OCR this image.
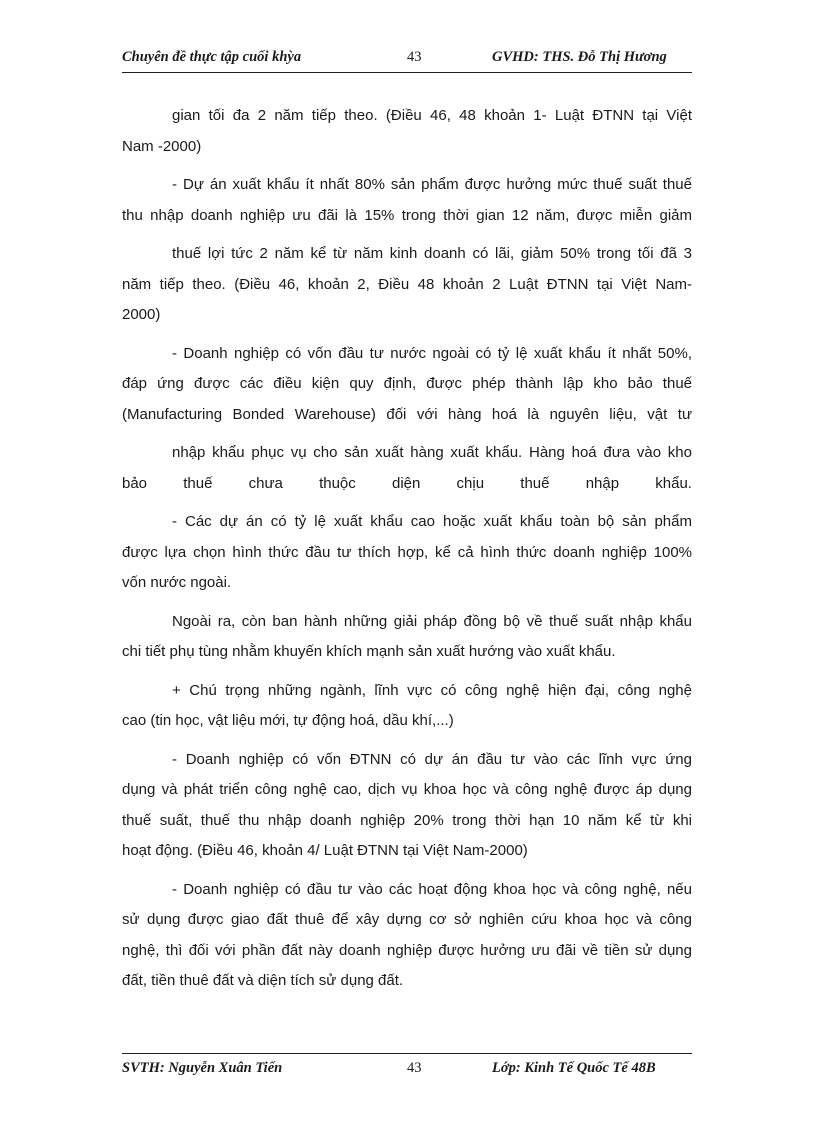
Chuyên đề thực tập cuối khỳa	43	GVHD: THS. Đỗ Thị Hương
gian tối đa 2 năm tiếp theo. (Điều 46, 48 khoản 1- Luật ĐTNN tại Việt
Nam -2000)
- Dự án xuất khẩu ít nhất 80% sản phẩm được hưởng mức thuế suất thuế
thu nhập doanh nghiệp ưu đãi là 15% trong thời gian 12 năm, được miễn giảm
thuế lợi tức 2 năm kể từ năm kinh doanh có lãi, giảm 50% trong tối đã 3
năm tiếp theo. (Điều 46, khoản 2, Điều 48 khoản 2 Luật ĐTNN tại Việt Nam-
2000)
- Doanh nghiệp có vốn đầu tư nước ngoài có tỷ lệ xuất khẩu ít nhất 50%,
đáp ứng được các điều kiện quy định, được phép thành lập kho bảo thuế
(Manufacturing Bonded Warehouse) đối với hàng hoá là nguyên liệu, vật tư
nhập khẩu phục vụ cho sản xuất hàng xuất khẩu. Hàng hoá đưa vào kho
bảo thuế chưa thuộc diện chịu thuế nhập khẩu.
- Các dự án có tỷ lệ xuất khẩu cao hoặc xuất khẩu toàn bộ sản phẩm
được lựa chọn hình thức đầu tư thích hợp, kể cả hình thức doanh nghiệp 100%
vốn nước ngoài.
Ngoài ra, còn ban hành những giải pháp đồng bộ về thuế suất nhập khẩu
chi tiết phụ tùng nhằm khuyến khích mạnh sản xuất hướng vào xuất khẩu.
+ Chú trọng những ngành, lĩnh vực có công nghệ hiện đại, công nghệ
cao (tin học, vật liệu mới, tự động hoá, dầu khí,...)
- Doanh nghiệp có vốn ĐTNN có dự án đầu tư vào các lĩnh vực ứng
dụng và phát triển công nghệ cao, dịch vụ khoa học và công nghệ được áp dụng
thuế suất, thuế thu nhập doanh nghiệp 20% trong thời hạn 10 năm kể từ khi
hoạt động. (Điều 46, khoản 4/ Luật ĐTNN tại Việt Nam-2000)
- Doanh nghiệp có đầu tư vào các hoạt động khoa học và công nghệ, nếu
sử dụng được giao đất thuê để xây dựng cơ sở nghiên cứu khoa học và công
nghệ, thì đối với phần đất này doanh nghiệp được hưởng ưu đãi về tiền sử dụng
đất, tiền thuê đất và diện tích sử dụng đất.
SVTH: Nguyễn Xuân Tiến	43	Lớp: Kinh Tế Quốc Tế 48B
